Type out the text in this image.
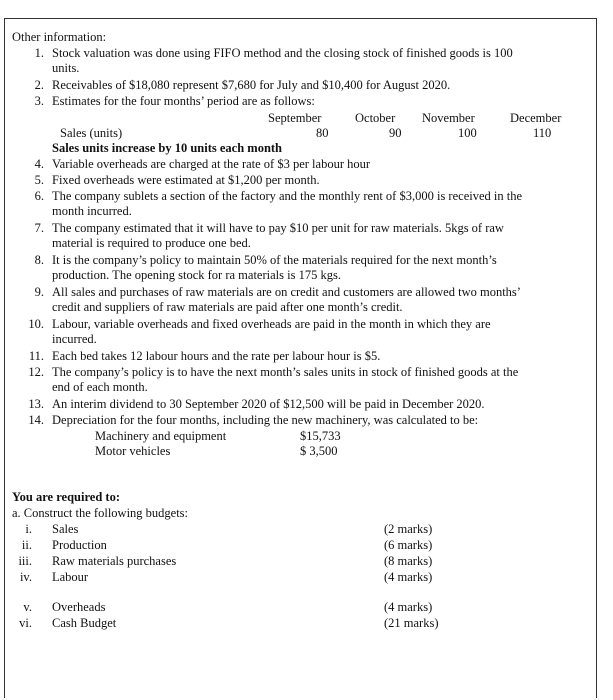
Other information:
1. Stock valuation was done using FIFO method and the closing stock of finished goods is 100
units.
2. Receivables of $18,080 represent $7,680 for July and $10,400 for August 2020.
3. Estimates for the four months’ period are as follows:
September	October November	December
Sales (units)	80	90	100	110
Sales units increase by 10 units each month
4. Variable overheads are charged at the rate of $3 per labour hour
5. Fixed overheads were estimated at $1,200 per month.
6. The company sublets a section of the factory and the monthly rent of $3,000 is received in the
month incurred.
7. The company estimated that it will have to pay $10 per unit for raw materials. 5kgs of raw
material is required to produce one bed.
8. It is the company’s policy to maintain 50% of the materials required for the next month’s
production. The opening stock for ra materials is 175 kgs.
9. All sales and purchases of raw materials are on credit and customers are allowed two months’
credit and suppliers of raw materials are paid after one month’s credit.
10. Labour, variable overheads and fixed overheads are paid in the month in which they are
incurred.
11. Each bed takes 12 labour hours and the rate per labour hour is $5.
12. The company’s policy is to have the next month’s sales units in stock of finished goods at the
end of each month.
13. An interim dividend to 30 September 2020 of $12,500 will be paid in December 2020.
14. Depreciation for the four months, including the new machinery, was calculated to be:
Machinery and equipment	$15,733
Motor vehicles	$ 3,500
You are required to:
a. Construct the following budgets:
i. Sales	(2 marks)
ii. Production	(6 marks)
iii. Raw materials purchases	(8 marks)
iv. Labour	(4 marks)
v. Overheads	(4 marks)
vi. Cash Budget	(21 marks)
